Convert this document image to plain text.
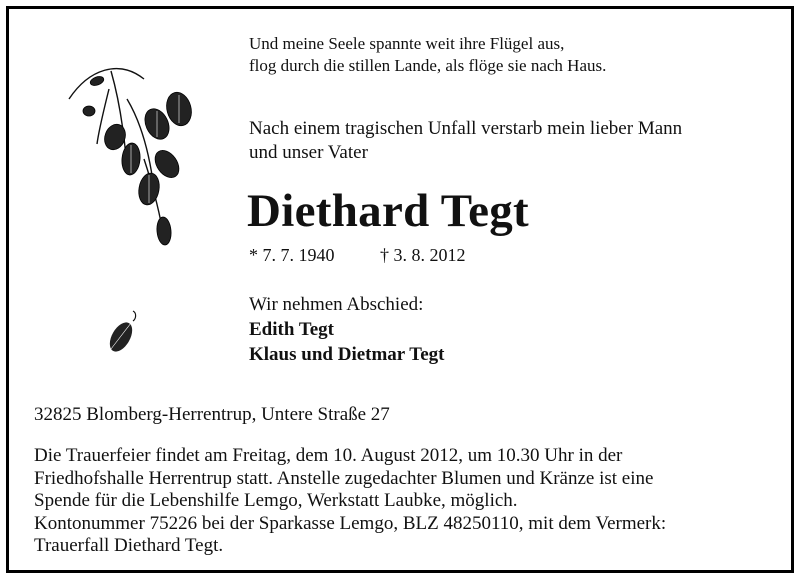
Und meine Seele spannte weit ihre Flügel aus,
flog durch die stillen Lande, als flöge sie nach Haus.
Nach einem tragischen Unfall verstarb mein lieber Mann
und unser Vater
Diethard Tegt
* 7. 7. 1940	† 3. 8. 2012
Wir nehmen Abschied:
Edith Tegt
Klaus und Dietmar Tegt
32825 Blomberg-Herrentrup, Untere Straße 27
Die Trauerfeier findet am Freitag, dem 10. August 2012, um 10.30 Uhr in der
Friedhofshalle Herrentrup statt. Anstelle zugedachter Blumen und Kränze ist eine
Spende für die Lebenshilfe Lemgo, Werkstatt Laubke, möglich.
Kontonummer 75226 bei der Sparkasse Lemgo, BLZ 48250110, mit dem Vermerk:
Trauerfall Diethard Tegt.
